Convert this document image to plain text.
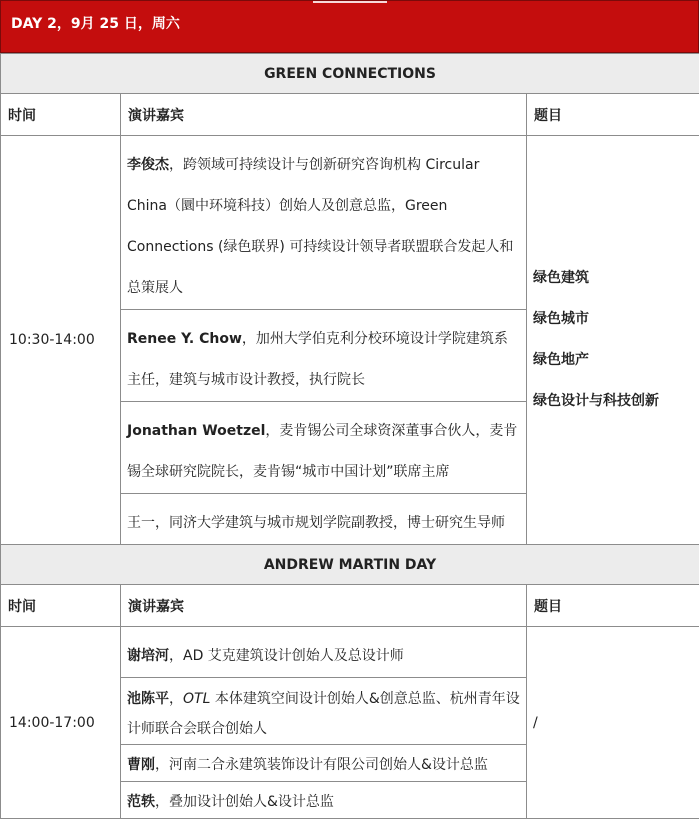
DAY 2，9月 25 日，周六
GREEN CONNECTIONS		
时间	演讲嘉宾	题目
10:30-14:00	李俊杰，跨领域可持续设计与创新研究咨询机构 Circular China（圜中环境科技）创始人及创意总监，Green Connections (绿色联界) 可持续设计领导者联盟联合发起人和总策展人	绿色建筑
绿色城市
绿色地产
绿色设计与科技创新

	Renee Y. Chow，加州大学伯克利分校环境设计学院建筑系主任，建筑与城市设计教授，执行院长	
	Jonathan Woetzel，麦肯锡公司全球资深董事合伙人，麦肯锡全球研究院院长，麦肯锡“城市中国计划”联席主席	
	王一，同济大学建筑与城市规划学院副教授，博士研究生导师	
ANDREW MARTIN DAY		
时间	演讲嘉宾	题目
14:00-17:00	谢培河，AD 艾克建筑设计创始人及总设计师	/
	池陈平，OTL 本体建筑空间设计创始人&创意总监、杭州青年设计师联合会联合创始人	
	曹刚，河南二合永建筑装饰设计有限公司创始人&设计总监	
	范轶，叠加设计创始人&设计总监	
